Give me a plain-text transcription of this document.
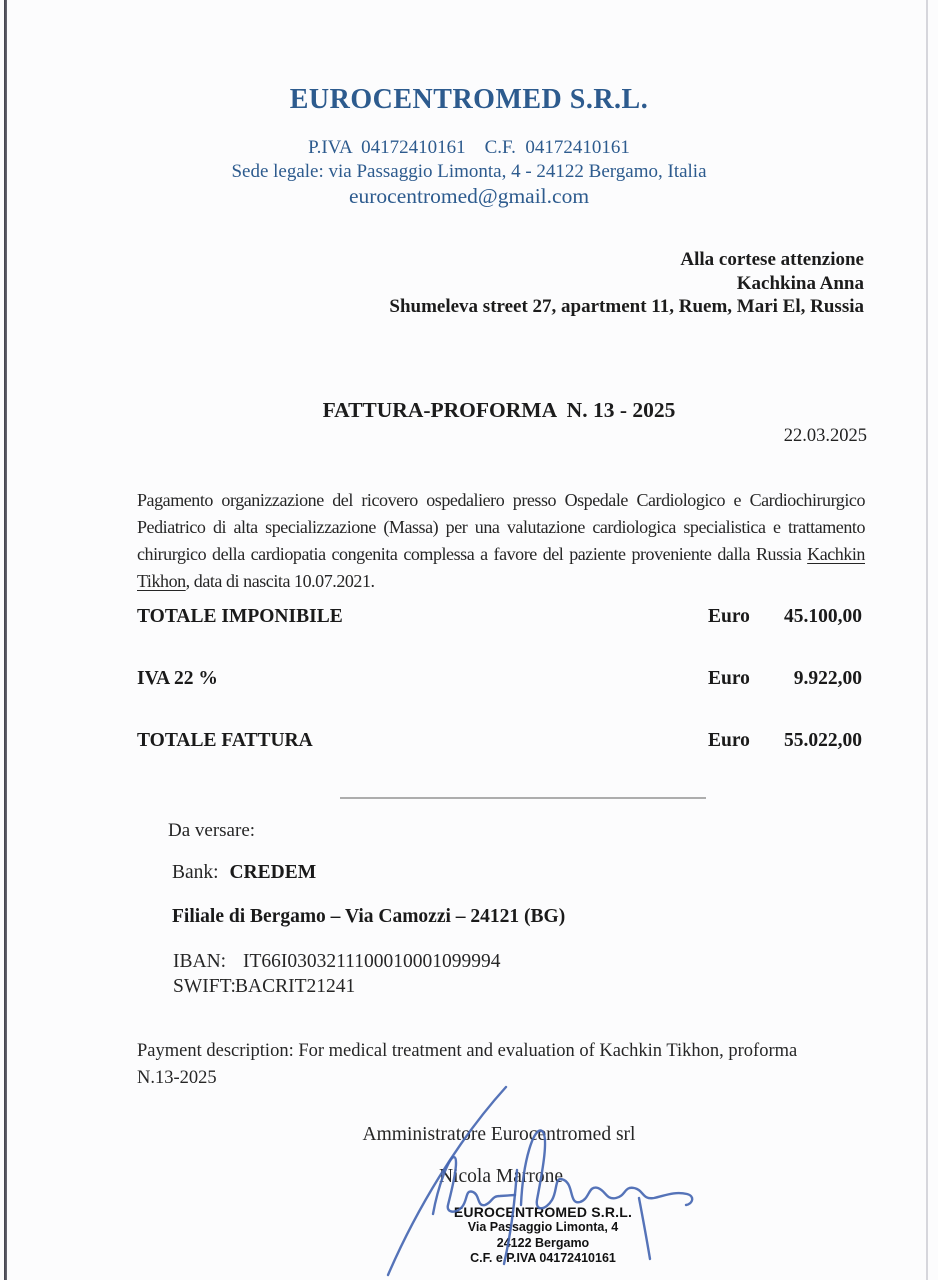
EUROCENTROMED S.R.L.
P.IVA  04172410161    C.F.  04172410161
Sede legale: via Passaggio Limonta, 4 - 24122 Bergamo, Italia
eurocentromed@gmail.com
Alla cortese attenzione
Kachkina Anna
Shumeleva street 27, apartment 11, Ruem, Mari El, Russia
FATTURA-PROFORMA  N. 13 - 2025
22.03.2025
Pagamento organizzazione del ricovero ospedaliero presso Ospedale Cardiologico e Cardiochirurgico Pediatrico di alta specializzazione (Massa) per una valutazione cardiologica specialistica e trattamento chirurgico della cardiopatia congenita complessa a favore del paziente proveniente dalla Russia Kachkin Tikhon, data di nascita 10.07.2021.
TOTALE IMPONIBILE	Euro 45.100,00
IVA 22 %	Euro 9.922,00
TOTALE FATTURA	Euro 55.022,00
Da versare:
Bank: CREDEM
Filiale di Bergamo – Via Camozzi – 24121 (BG)
IBAN: IT66I0303211100010001099994
SWIFT:BACRIT21241
Payment description: For medical treatment and evaluation of Kachkin Tikhon, proforma
N.13-2025
Amministratore Eurocentromed srl
Nicola Marrone
EUROCENTROMED S.R.L.
Via Passaggio Limonta, 4
24122 Bergamo
C.F. e P.IVA 04172410161
